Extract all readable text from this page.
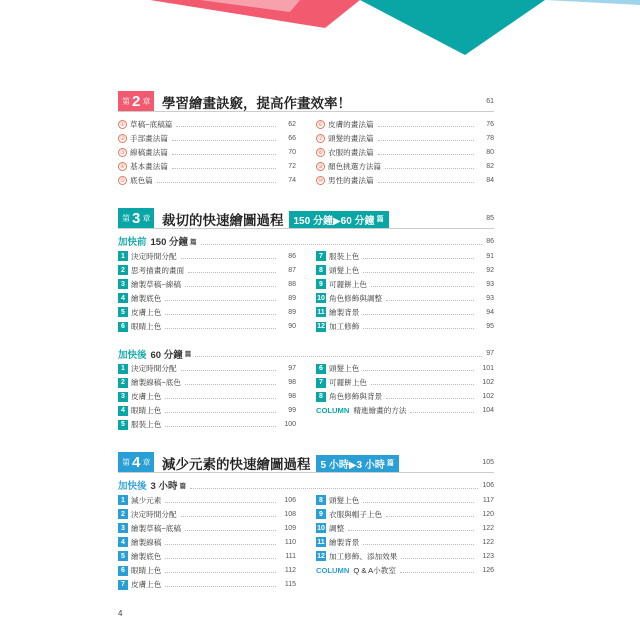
第 2 章 學習繪畫訣竅，提高作畫效率！	61
① 草稿~底稿篇	62
② 手部畫法篇	66
③ 線稿畫法篇	70
④ 基本畫法篇	72
⑤ 底色篇	74
⑥ 皮膚的畫法篇	76
⑦ 頭髮的畫法篇	78
⑧ 衣服的畫法篇	80
⑨ 顏色挑選方法篇	82
⑩ 男性的畫法篇	84
第 3 章 裁切的快速繪圖過程 150 分鐘▶60 分鐘 篇	85
加快前 150 分鐘 篇	86
1 決定時間分配	86
2 思考描畫的畫面	87
3 繪製草稿~線稿	88
4 繪製底色	89
5 皮膚上色	89
6 眼睛上色	90
7 服裝上色	91
8 頭髮上色	92
9 可麗餅上色	93
10 角色修飾與調整	93
11 繪製背景	94
12 加工修飾	95
加快後 60 分鐘 篇	97
1 決定時間分配	97
2 繪製線稿~底色	98
3 皮膚上色	98
4 眼睛上色	99
5 服裝上色	100
6 頭髮上色	101
7 可麗餅上色	102
8 角色修飾與背景	102
COLUMN 精進繪畫的方法	104
第 4 章 減少元素的快速繪圖過程 5 小時▶3 小時 篇	105
加快後 3 小時 篇	106
1 減少元素	106
2 決定時間分配	108
3 繪製草稿~底稿	109
4 繪製線稿	110
5 繪製底色	111
6 眼睛上色	112
7 皮膚上色	115
8 頭髮上色	117
9 衣服與帽子上色	120
10 調整	122
11 繪製背景	122
12 加工修飾、添加效果	123
COLUMN Q & A小教室	126
4
